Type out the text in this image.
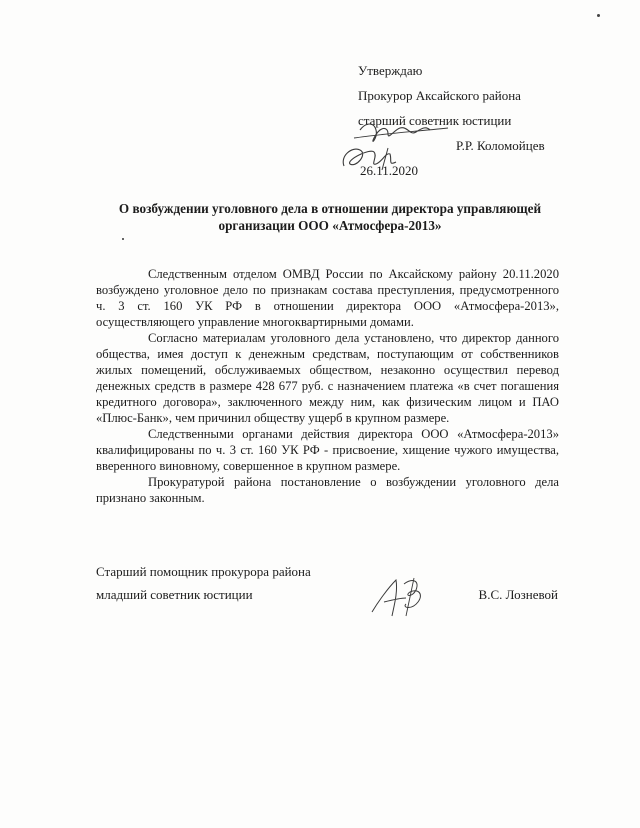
Утверждаю
Прокурор Аксайского района
старший советник юстиции
Р.Р. Коломойцев
26.11.2020
О возбуждении уголовного дела в отношении директора управляющей
организации ООО «Атмосфера-2013»

Следственным отделом ОМВД России по Аксайскому району 20.11.2020 возбуждено уголовное дело по признакам состава преступления, предусмотренного ч. 3 ст. 160 УК РФ в отношении директора ООО «Атмосфера-2013», осуществляющего управление многоквартирными домами.

Согласно материалам уголовного дела установлено, что директор данного общества, имея доступ к денежным средствам, поступающим от собственников жилых помещений, обслуживаемых обществом, незаконно осуществил перевод денежных средств в размере 428 677 руб. с назначением платежа «в счет погашения кредитного договора», заключенного между ним, как физическим лицом и ПАО «Плюс-Банк», чем причинил обществу ущерб в крупном размере.

Следственными органами действия директора ООО «Атмосфера-2013» квалифицированы по ч. 3 ст. 160 УК РФ - присвоение, хищение чужого имущества, вверенного виновному, совершенное в крупном размере.

Прокуратурой района постановление о возбуждении уголовного дела признано законным.

Старший помощник прокурора района
младший советник юстиции	В.С. Лозневой
